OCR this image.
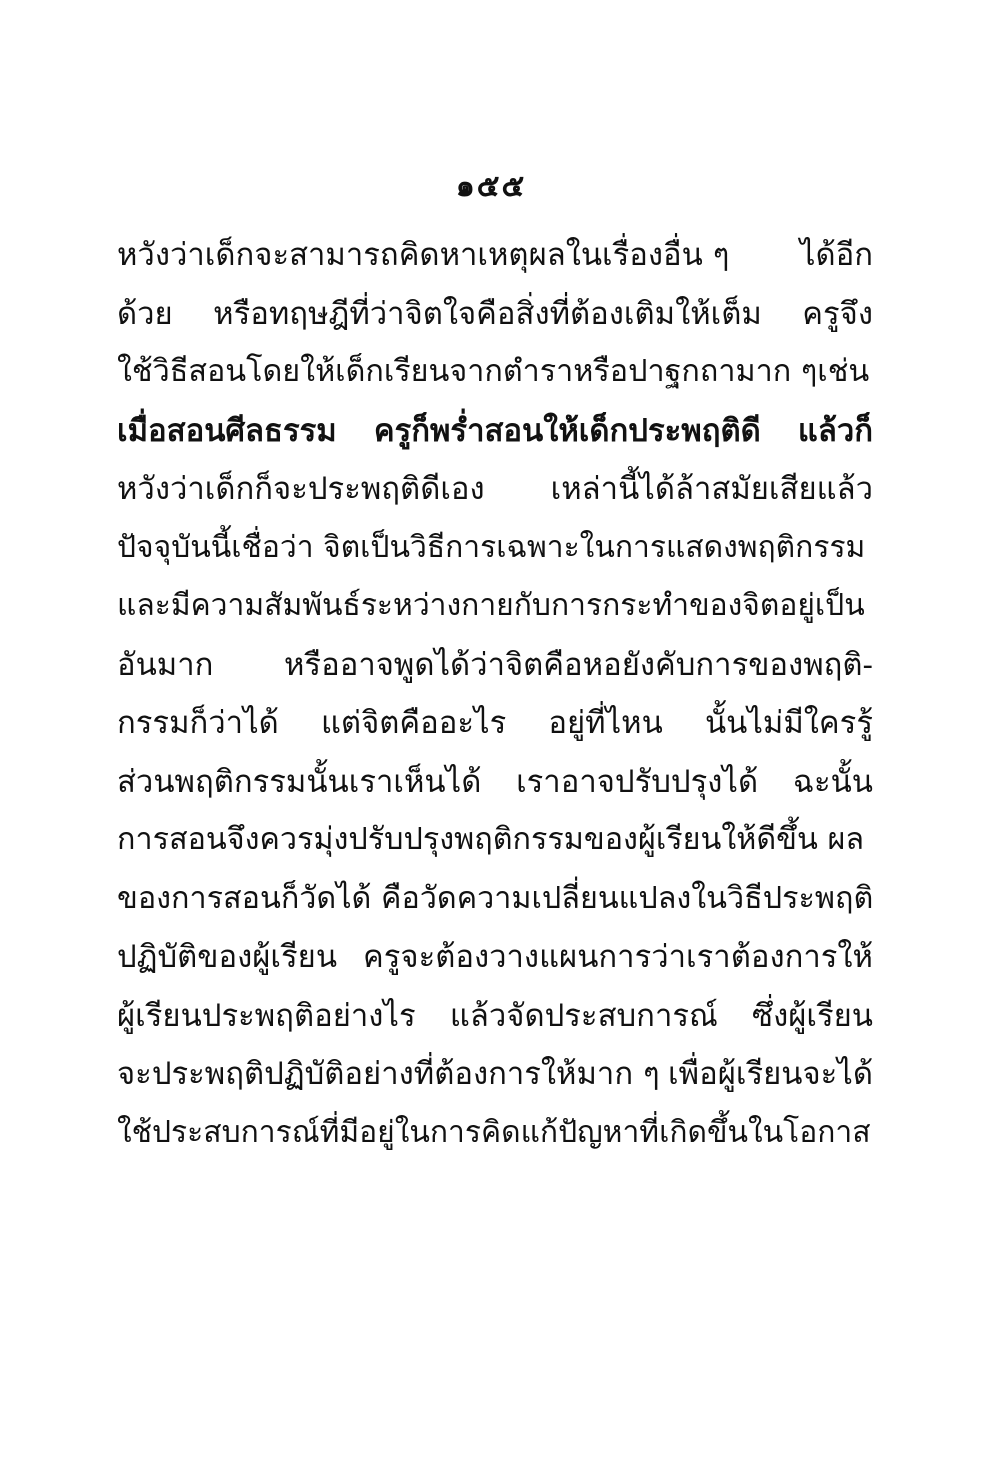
๑๕๕
หวังว่าเด็กจะสามารถคิดหาเหตุผลในเรื่องอื่น ๆ ได้อีก
ด้วย หรือทฤษฎีที่ว่าจิตใจคือสิ่งที่ต้องเติมให้เต็ม ครูจึง
ใช้วิธีสอนโดยให้เด็กเรียนจากตำราหรือปาฐกถามาก ๆเช่น
เมื่อสอนศีลธรรม ครูก็พร่ำสอนให้เด็กประพฤติดี แล้วก็
หวังว่าเด็กก็จะประพฤติดีเอง เหล่านี้ได้ล้าสมัยเสียแล้ว
ปัจจุบันนี้เชื่อว่า จิตเป็นวิธีการเฉพาะในการแสดงพฤติกรรม
และมีความสัมพันธ์ระหว่างกายกับการกระทำของจิตอยู่เป็น
อันมาก หรืออาจพูดได้ว่าจิตคือหอยังคับการของพฤติ-
กรรมก็ว่าได้ แต่จิตคืออะไร อยู่ที่ไหน นั้นไม่มีใครรู้
ส่วนพฤติกรรมนั้นเราเห็นได้ เราอาจปรับปรุงได้ ฉะนั้น
การสอนจึงควรมุ่งปรับปรุงพฤติกรรมของผู้เรียนให้ดีขึ้น ผล
ของการสอนก็วัดได้ คือวัดความเปลี่ยนแปลงในวิธีประพฤติ
ปฏิบัติของผู้เรียน ครูจะต้องวางแผนการว่าเราต้องการให้
ผู้เรียนประพฤติอย่างไร แล้วจัดประสบการณ์ ซึ่งผู้เรียน
จะประพฤติปฏิบัติอย่างที่ต้องการให้มาก ๆ เพื่อผู้เรียนจะได้
ใช้ประสบการณ์ที่มีอยู่ในการคิดแก้ปัญหาที่เกิดขึ้นในโอกาส
